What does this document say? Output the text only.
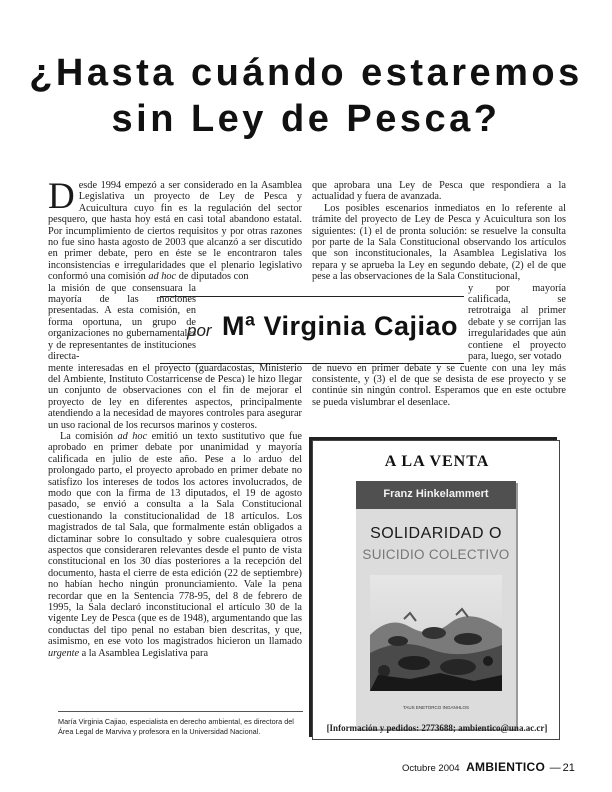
¿Hasta cuándo estaremos
sin Ley de Pesca?

Desde 1994 empezó a ser considerado en la Asamblea Legislativa un proyecto de Ley de Pesca y Acuicultura cuyo fin es la regulación del sector pesquero, que hasta hoy está en casi total abandono estatal. Por incumplimiento de ciertos requisitos y por otras razones no fue sino hasta agosto de 2003 que alcanzó a ser discutido en primer debate, pero en éste se le encontraron tales inconsistencias e irregularidades que el plenario legislativo conformó una comisión ad hoc de diputados con

la misión de que consensuara la mayoría de las mociones presentadas. A esta comisión, en forma oportuna, un grupo de organizaciones no gubernamentales y de representantes de instituciones directa-

mente interesadas en el proyecto (guardacostas, Ministerio del Ambiente, Instituto Costarricense de Pesca) le hizo llegar un conjunto de observaciones con el fin de mejorar el proyecto de ley en diferentes aspectos, principalmente atendiendo a la necesidad de mayores controles para asegurar un uso racional de los recursos marinos y costeros.

La comisión ad hoc emitió un texto sustitutivo que fue aprobado en primer debate por unanimidad y mayoría calificada en julio de este año. Pese a lo arduo del prolongado parto, el proyecto aprobado en primer debate no satisfizo los intereses de todos los actores involucrados, de modo que con la firma de 13 diputados, el 19 de agosto pasado, se envió a consulta a la Sala Constitucional cuestionando la constitucionalidad de 18 artículos. Los magistrados de tal Sala, que formalmente están obligados a dictaminar sobre lo consultado y sobre cualesquiera otros aspectos que consideraren relevantes desde el punto de vista constitucional en los 30 días posteriores a la recepción del documento, hasta el cierre de esta edición (22 de septiembre) no habían hecho ningún pronunciamiento. Vale la pena recordar que en la Sentencia 778-95, del 8 de febrero de 1995, la Sala declaró inconstitucional el artículo 30 de la vigente Ley de Pesca (que es de 1948), argumentando que las conductas del tipo penal no estaban bien descritas, y que, asimismo, en ese voto los magistrados hicieron un llamado urgente a la Asamblea Legislativa para

que aprobara una Ley de Pesca que respondiera a la actualidad y fuera de avanzada.

Los posibles escenarios inmediatos en lo referente al trámite del proyecto de Ley de Pesca y Acuicultura son los siguientes: (1) el de pronta solución: se resuelve la consulta por parte de la Sala Constitucional observando los artículos que son inconstitucionales, la Asamblea Legislativa los repara y se aprueba la Ley en segundo debate, (2) el de que pese a las observaciones de la Sala Constitucional,

y por mayoría calificada, se retrotraiga al primer debate y se corrijan las irregularidades que aún contiene el proyecto para, luego, ser votado

de nuevo en primer debate y se cuente con una ley más consistente, y (3) el de que se desista de ese proyecto y se continúe sin ningún control. Esperamos que en este octubre se pueda vislumbrar el desenlace.

por Mª Virginia Cajiao
A LA VENTA
Franz Hinkelammert
SOLIDARIDAD O
SUICIDIO COLECTIVO
TAUS ENETORCO INGANHLOS
[Información y pedidos: 2773688; ambientico@una.ac.cr]
María Virginia Cajiao, especialista en derecho ambiental, es directora del Área Legal de Marviva y profesora en la Universidad Nacional.
Octubre 2004 AMBIENTICO — 21
